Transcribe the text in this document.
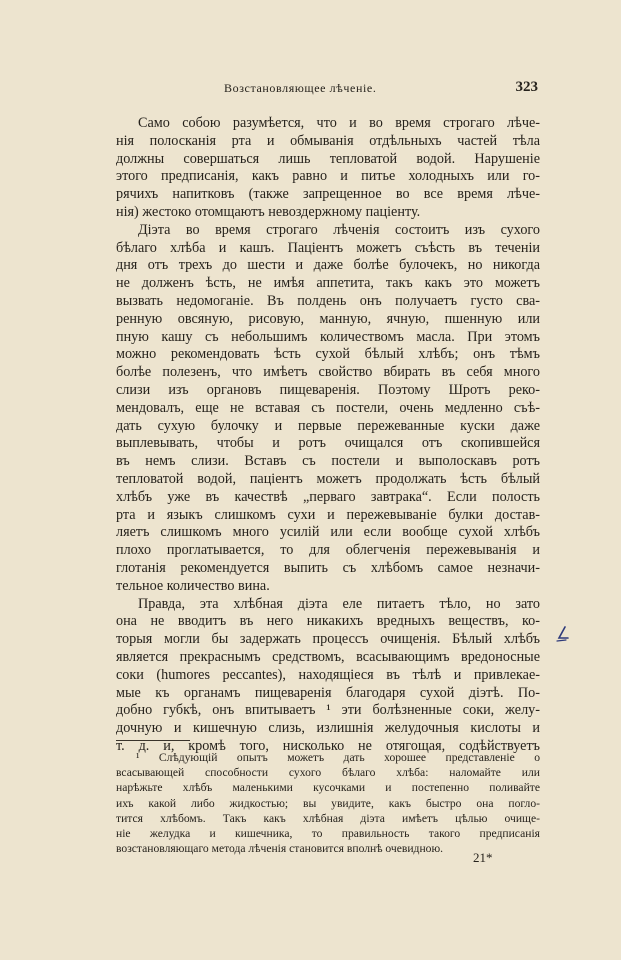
Возстановляющее лѣченіе.	323
Само собою разумѣется, что и во время строгаго лѣче-
нія полосканія рта и обмыванія отдѣльныхъ частей тѣла
должны совершаться лишь тепловатой водой. Нарушеніе
этого предписанія, какъ равно и питье холодныхъ или го-
рячихъ напитковъ (также запрещенное во все время лѣче-
нія) жестоко отомщаютъ невоздержному паціенту.
Діэта во время строгаго лѣченія состоитъ изъ сухого
бѣлаго хлѣба и кашъ. Паціентъ можетъ съѣсть въ теченіи
дня отъ трехъ до шести и даже болѣе булочекъ, но никогда
не долженъ ѣсть, не имѣя аппетита, такъ какъ это можетъ
вызвать недомоганіе. Въ полдень онъ получаетъ густо сва-
ренную овсяную, рисовую, манную, ячную, пшенную или
пную кашу съ небольшимъ количествомъ масла. При этомъ
можно рекомендовать ѣсть сухой бѣлый хлѣбъ; онъ тѣмъ
болѣе полезенъ, что имѣетъ свойство вбирать въ себя много
слизи изъ органовъ пищеваренія. Поэтому Шротъ реко-
мендовалъ, еще не вставая съ постели, очень медленно съѣ-
дать сухую булочку и первые пережеванные куски даже
выплевывать, чтобы и ротъ очищался отъ скопившейся
въ немъ слизи. Вставъ съ постели и выполоскавъ ротъ
тепловатой водой, паціентъ можетъ продолжать ѣсть бѣлый
хлѣбъ уже въ качествѣ „перваго завтрака“. Если полость
рта и языкъ слишкомъ сухи и пережевываніе булки достав-
ляетъ слишкомъ много усилій или если вообще сухой хлѣбъ
плохо проглатывается, то для облегченія пережевыванія и
глотанія рекомендуется выпить съ хлѣбомъ самое незначи-
тельное количество вина.
Правда, эта хлѣбная діэта еле питаетъ тѣло, но зато
она не вводитъ въ него никакихъ вредныхъ веществъ, ко-
торыя могли бы задержать процессъ очищенія. Бѣлый хлѣбъ
является прекраснымъ средствомъ, всасывающимъ вредоносные
соки (humores peccantes), находящіеся въ тѣлѣ и привлекае-
мые къ органамъ пищеваренія благодаря сухой діэтѣ. По-
добно губкѣ, онъ впитываетъ ¹ эти болѣзненные соки, желу-
дочную и кишечную слизь, излишнія желудочныя кислоты и
т. д. и, кромѣ того, нисколько не отягощая, содѣйствуетъ
¹ Слѣдующій опытъ можетъ дать хорошее представленіе о
всасывающей способности сухого бѣлаго хлѣба: наломайте или
нарѣжьте хлѣбъ маленькими кусочками и постепенно поливайте
ихъ какой либо жидкостью; вы увидите, какъ быстро она погло-
тится хлѣбомъ. Такъ какъ хлѣбная діэта имѣетъ цѣлью очище-
ніе желудка и кишечника, то правильность такого предписанія
возстановляющаго метода лѣченія становится вполнѣ очевидною.
21*
